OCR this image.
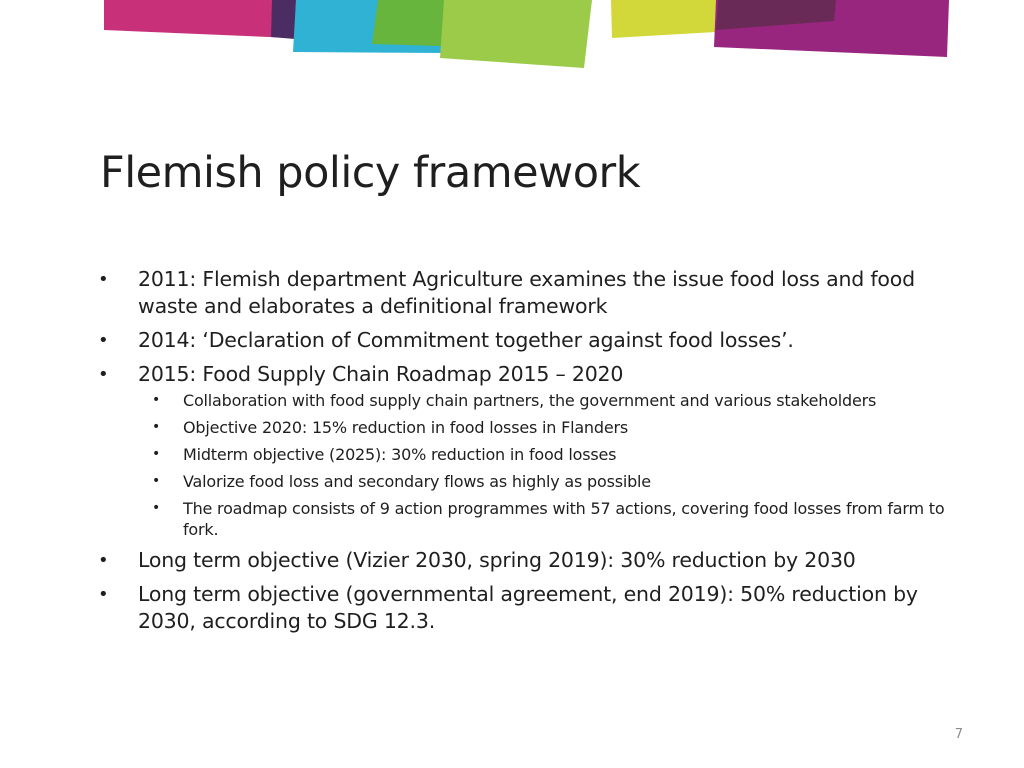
Flemish policy framework
• 2011: Flemish department Agriculture examines the issue food loss and food waste and elaborates a definitional framework
• 2014: ‘Declaration of Commitment together against food losses’.
• 2015: Food Supply Chain Roadmap 2015 – 2020
• Collaboration with food supply chain partners, the government and various stakeholders
• Objective 2020: 15% reduction in food losses in Flanders
• Midterm objective (2025): 30% reduction in food losses
• Valorize food loss and secondary flows as highly as possible
• The roadmap consists of 9 action programmes with 57 actions, covering food losses from farm to fork.
• Long term objective (Vizier 2030, spring 2019): 30% reduction by 2030
• Long term objective (governmental agreement, end 2019): 50% reduction by 2030, according to SDG 12.3.
7
